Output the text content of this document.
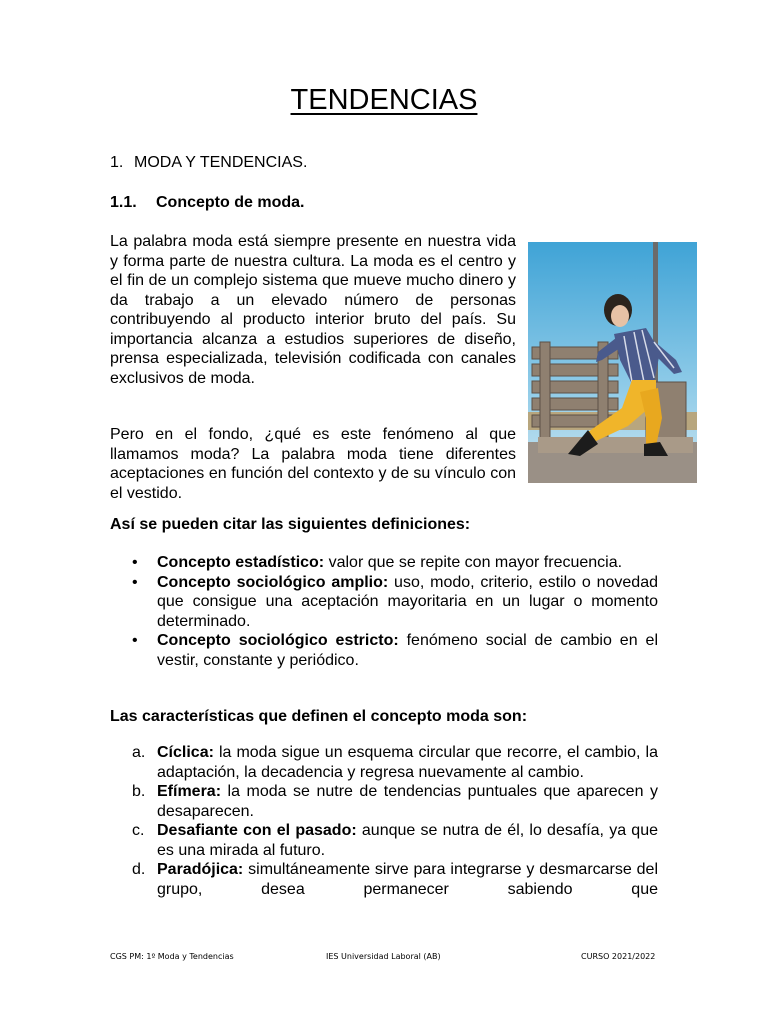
TENDENCIAS
1. MODA Y TENDENCIAS.
1.1. Concepto de moda.

La palabra moda está siempre presente en nuestra vida y forma parte de nuestra cultura. La moda es el centro y el fin de un complejo sistema que mueve mucho dinero y da trabajo a un elevado número de personas contribuyendo al producto interior bruto del país. Su importancia alcanza a estudios superiores de diseño, prensa especializada, televisión codificada con canales exclusivos de moda.

Pero en el fondo, ¿qué es este fenómeno al que llamamos moda? La palabra moda tiene diferentes aceptaciones en función del contexto y de su vínculo con el vestido.

Así se pueden citar las siguientes definiciones:
• Concepto estadístico: valor que se repite con mayor frecuencia.
• Concepto sociológico amplio: uso, modo, criterio, estilo o novedad que consigue una aceptación mayoritaria en un lugar o momento determinado.
• Concepto sociológico estricto: fenómeno social de cambio en el vestir, constante y periódico.
Las características que definen el concepto moda son:
a. Cíclica: la moda sigue un esquema circular que recorre, el cambio, la adaptación, la decadencia y regresa nuevamente al cambio.
b. Efímera: la moda se nutre de tendencias puntuales que aparecen y desaparecen.
c. Desafiante con el pasado: aunque se nutra de él, lo desafía, ya que es una mirada al futuro.
d. Paradójica: simultáneamente sirve para integrarse y desmarcarse del grupo, desea permanecer sabiendo que
CGS PM: 1º Moda y Tendencias	IES Universidad Laboral (AB)	CURSO 2021/2022
